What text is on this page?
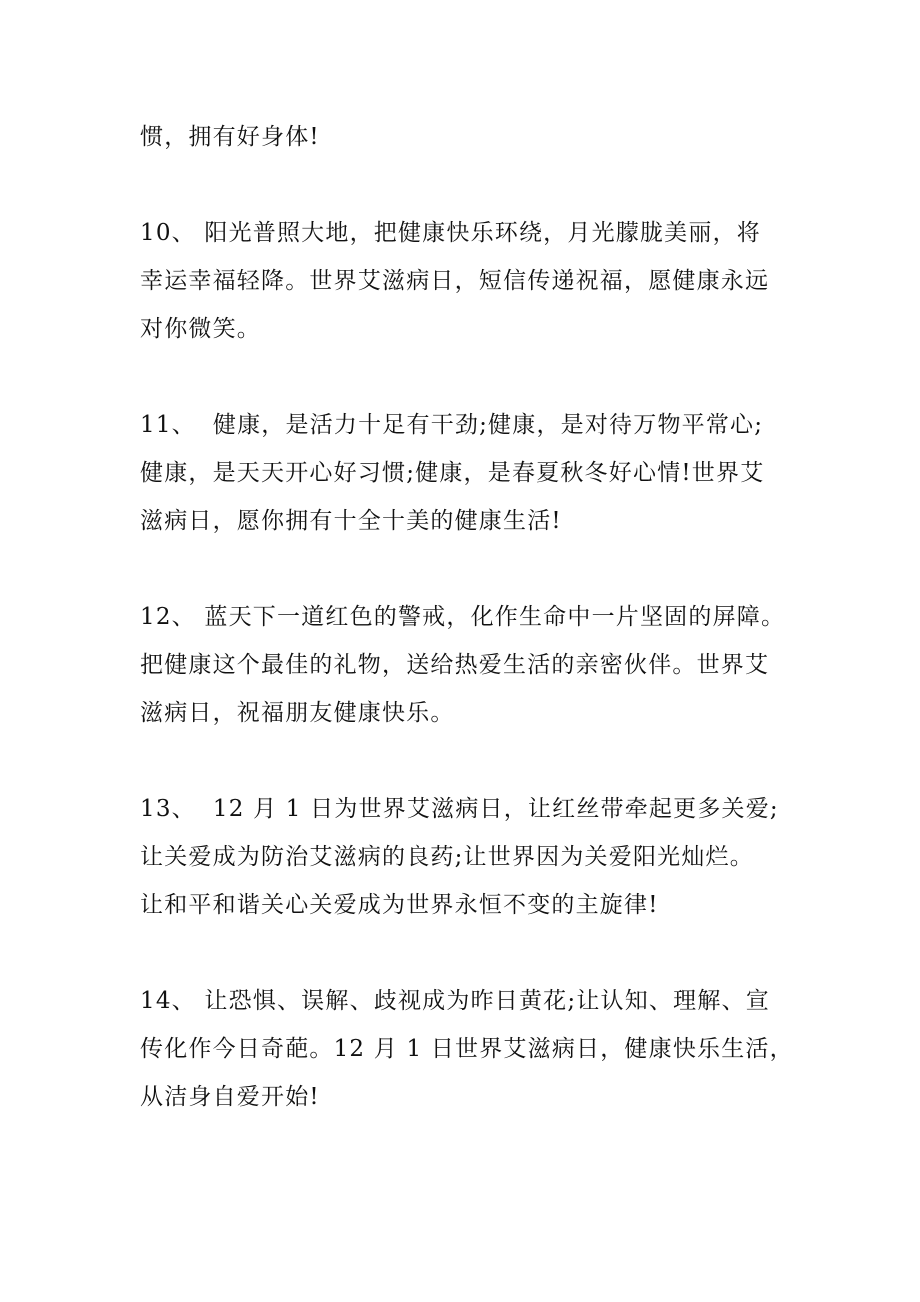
惯，拥有好身体!

10、 阳光普照大地，把健康快乐环绕，月光朦胧美丽，将

幸运幸福轻降。世界艾滋病日，短信传递祝福，愿健康永远

对你微笑。

11、  健康，是活力十足有干劲;健康，是对待万物平常心;

健康，是天天开心好习惯;健康，是春夏秋冬好心情!世界艾

滋病日，愿你拥有十全十美的健康生活!

12、 蓝天下一道红色的警戒，化作生命中一片坚固的屏障。

把健康这个最佳的礼物，送给热爱生活的亲密伙伴。世界艾

滋病日，祝福朋友健康快乐。

13、  12 月 1 日为世界艾滋病日，让红丝带牵起更多关爱;

让关爱成为防治艾滋病的良药;让世界因为关爱阳光灿烂。

让和平和谐关心关爱成为世界永恒不变的主旋律!

14、 让恐惧、误解、歧视成为昨日黄花;让认知、理解、宣

传化作今日奇葩。12 月 1 日世界艾滋病日，健康快乐生活，

从洁身自爱开始!
